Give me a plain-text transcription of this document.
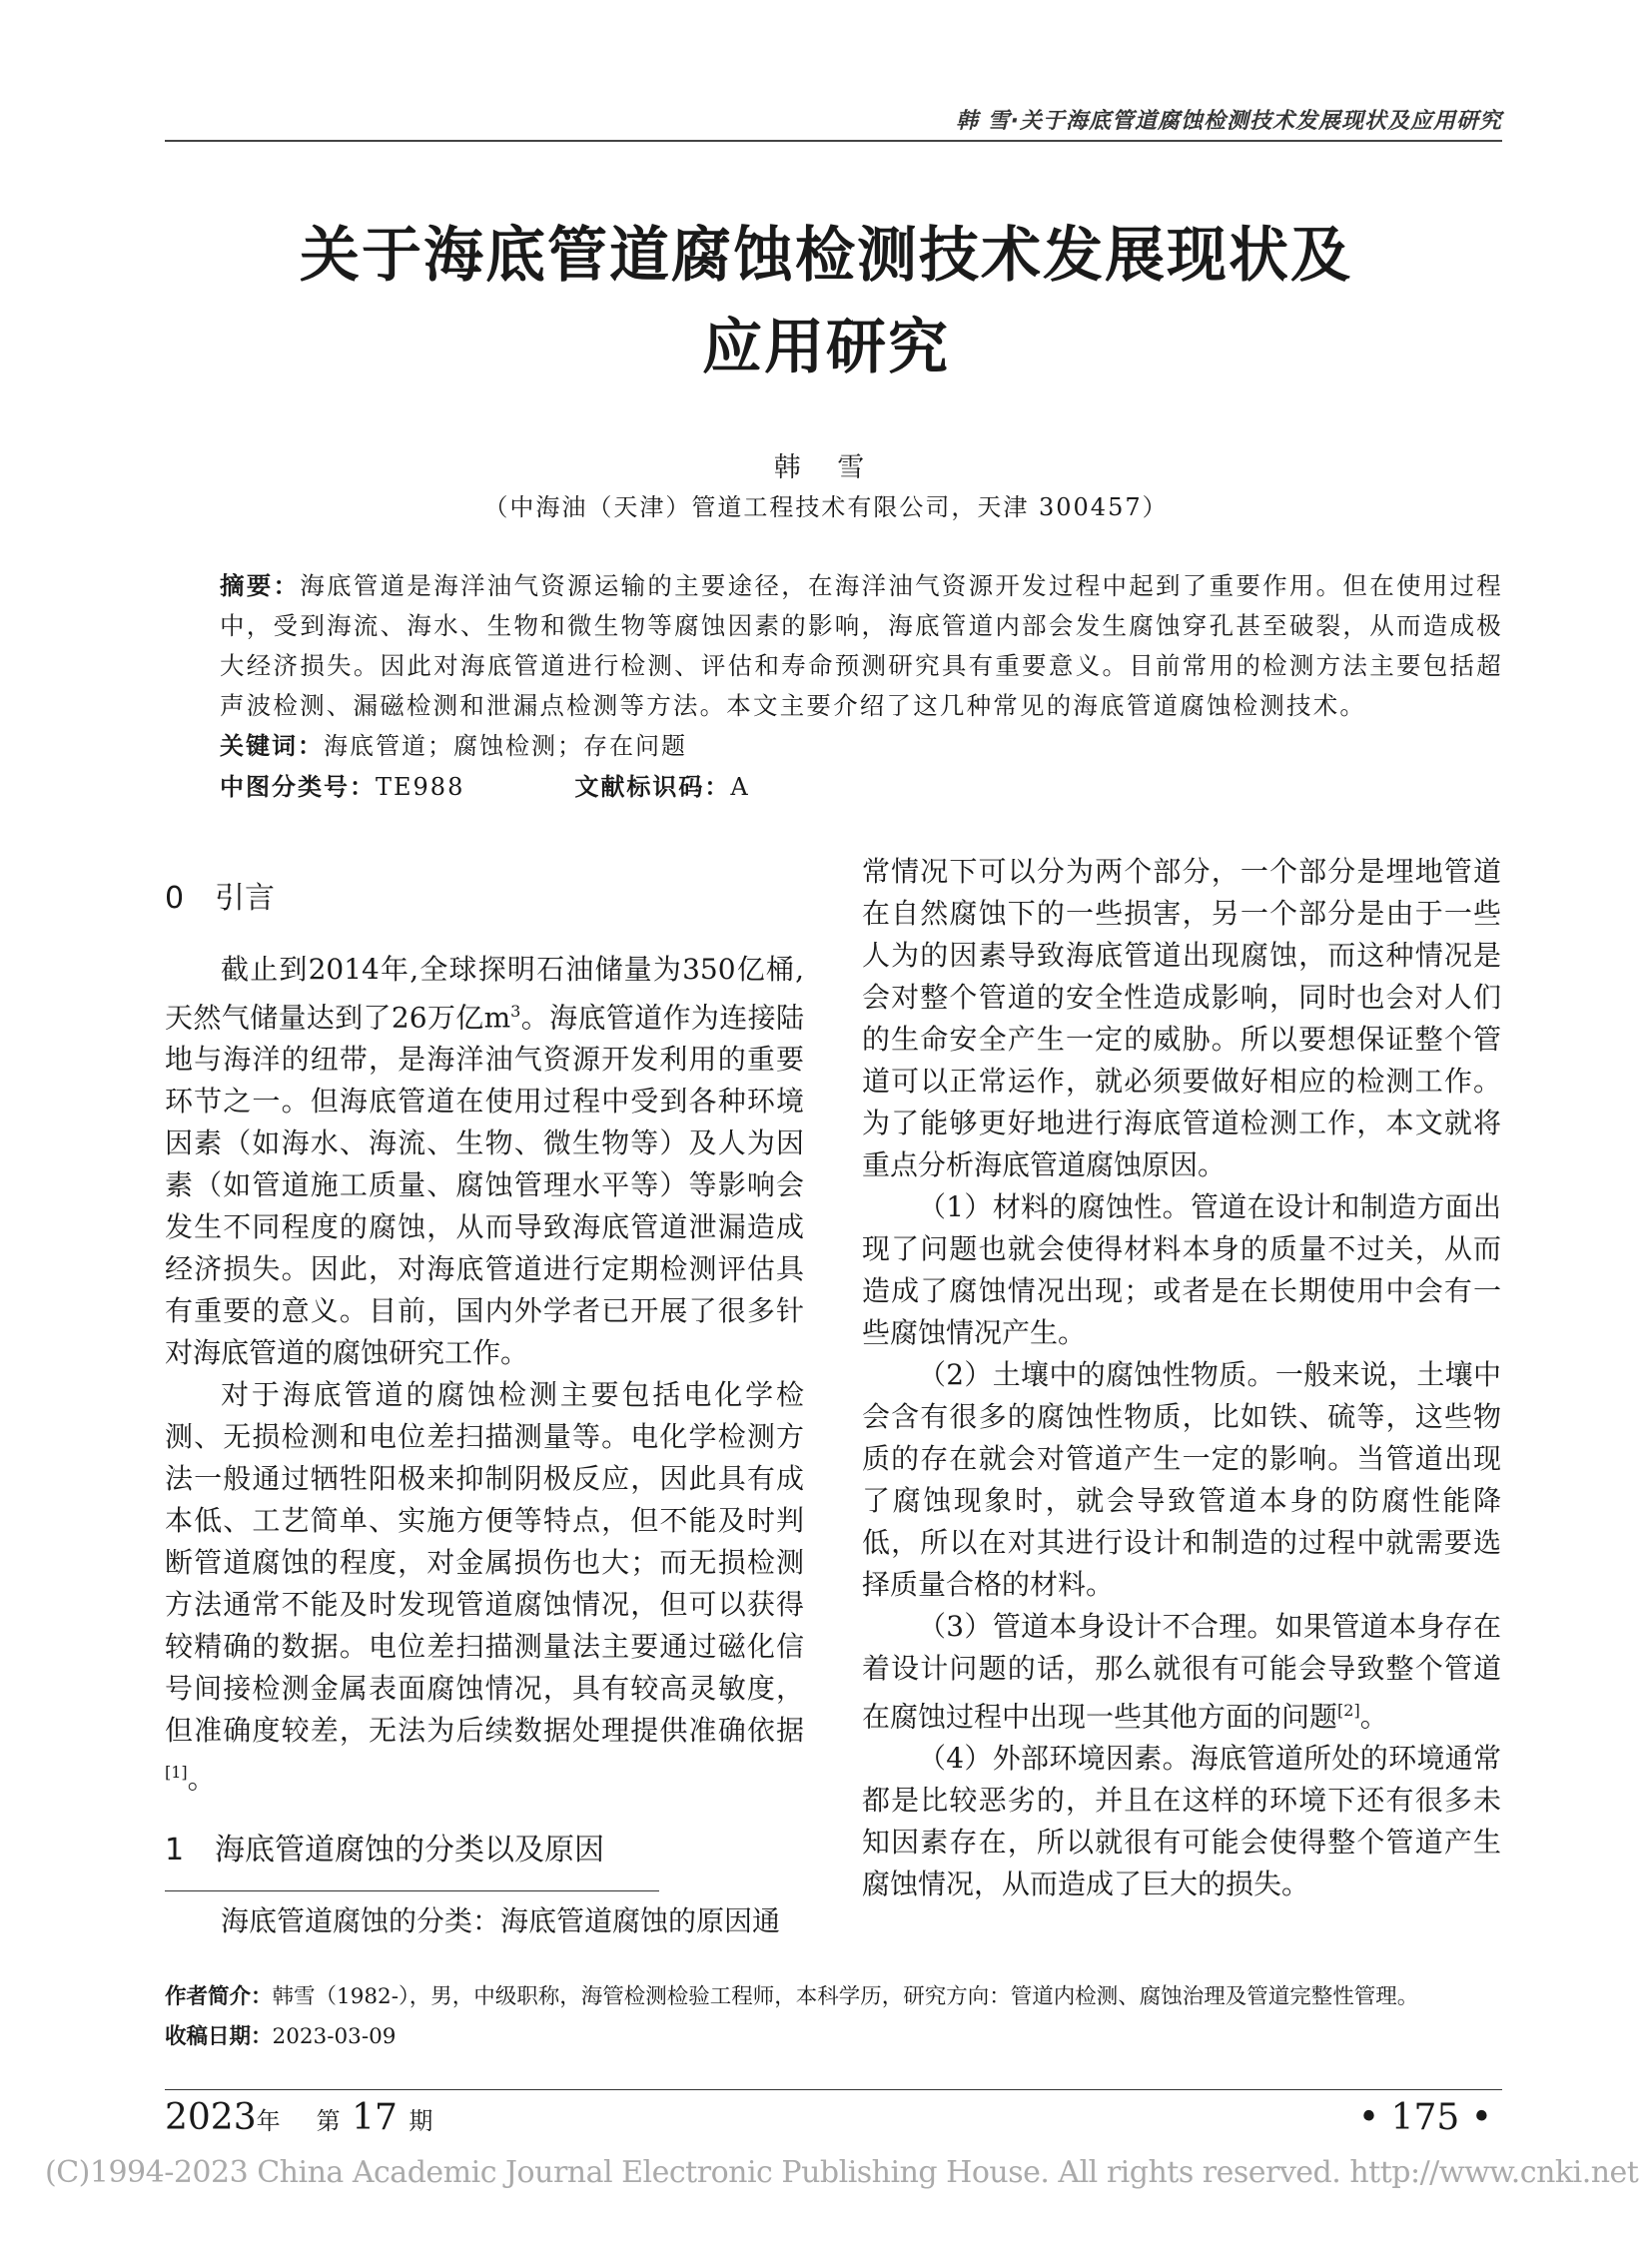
韩 雪·关于海底管道腐蚀检测技术发展现状及应用研究
关于海底管道腐蚀检测技术发展现状及
应用研究
韩 雪
（中海油（天津）管道工程技术有限公司，天津 300457）
摘要：海底管道是海洋油气资源运输的主要途径，在海洋油气资源开发过程中起到了重要作用。但在使用过程中，受到海流、海水、生物和微生物等腐蚀因素的影响，海底管道内部会发生腐蚀穿孔甚至破裂，从而造成极大经济损失。因此对海底管道进行检测、评估和寿命预测研究具有重要意义。目前常用的检测方法主要包括超声波检测、漏磁检测和泄漏点检测等方法。本文主要介绍了这几种常见的海底管道腐蚀检测技术。
关键词：海底管道；腐蚀检测；存在问题
中图分类号：TE988	文献标识码：A
0 引言

截止到2014年,全球探明石油储量为350亿桶,天然气储量达到了26万亿$m^3$。海底管道作为连接陆地与海洋的纽带，是海洋油气资源开发利用的重要环节之一。但海底管道在使用过程中受到各种环境因素（如海水、海流、生物、微生物等）及人为因素（如管道施工质量、腐蚀管理水平等）等影响会发生不同程度的腐蚀，从而导致海底管道泄漏造成经济损失。因此，对海底管道进行定期检测评估具有重要的意义。目前，国内外学者已开展了很多针对海底管道的腐蚀研究工作。

对于海底管道的腐蚀检测主要包括电化学检测、无损检测和电位差扫描测量等。电化学检测方法一般通过牺牲阳极来抑制阴极反应，因此具有成本低、工艺简单、实施方便等特点，但不能及时判断管道腐蚀的程度，对金属损伤也大；而无损检测方法通常不能及时发现管道腐蚀情况，但可以获得较精确的数据。电位差扫描测量法主要通过磁化信号间接检测金属表面腐蚀情况，具有较高灵敏度，但准确度较差，无法为后续数据处理提供准确依据[1]。

1 海底管道腐蚀的分类以及原因

海底管道腐蚀的分类：海底管道腐蚀的原因通

常情况下可以分为两个部分，一个部分是埋地管道在自然腐蚀下的一些损害，另一个部分是由于一些人为的因素导致海底管道出现腐蚀，而这种情况是会对整个管道的安全性造成影响，同时也会对人们的生命安全产生一定的威胁。所以要想保证整个管道可以正常运作，就必须要做好相应的检测工作。为了能够更好地进行海底管道检测工作，本文就将重点分析海底管道腐蚀原因。

（1）材料的腐蚀性。管道在设计和制造方面出现了问题也就会使得材料本身的质量不过关，从而造成了腐蚀情况出现；或者是在长期使用中会有一些腐蚀情况产生。

（2）土壤中的腐蚀性物质。一般来说，土壤中会含有很多的腐蚀性物质，比如铁、硫等，这些物质的存在就会对管道产生一定的影响。当管道出现了腐蚀现象时，就会导致管道本身的防腐性能降低，所以在对其进行设计和制造的过程中就需要选择质量合格的材料。

（3）管道本身设计不合理。如果管道本身存在着设计问题的话，那么就很有可能会导致整个管道在腐蚀过程中出现一些其他方面的问题[2]。

（4）外部环境因素。海底管道所处的环境通常都是比较恶劣的，并且在这样的环境下还有很多未知因素存在，所以就很有可能会使得整个管道产生腐蚀情况，从而造成了巨大的损失。

作者简介：韩雪（1982-），男，中级职称，海管检测检验工程师，本科学历，研究方向：管道内检测、腐蚀治理及管道完整性管理。
收稿日期：2023-03-09
2023年 第 17 期	• 175 •
(C)1994-2023 China Academic Journal Electronic Publishing House. All rights reserved. http://www.cnki.net
